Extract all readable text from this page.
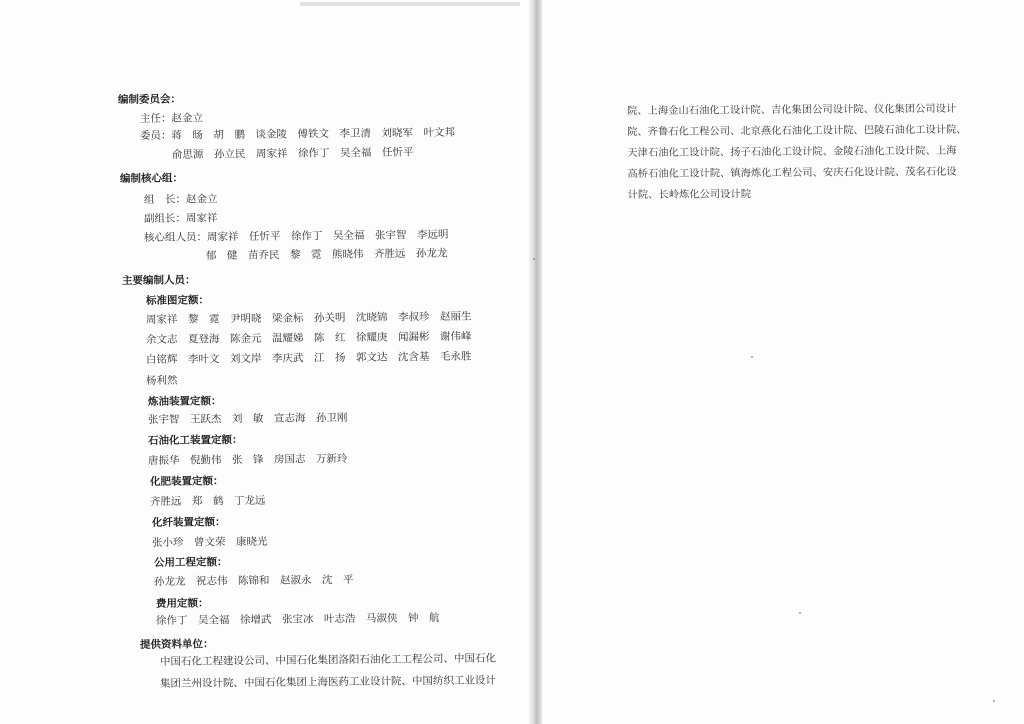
编制委员会：
主任：赵金立
委员：蒋　旸　胡　鹏　谈金陵　傅铁文　李卫清　刘晓军　叶文邦
俞思源　孙立民　周家祥　徐作丁　吴全福　任忻平
编制核心组：
组　长：赵金立
副组长：周家祥
核心组人员：周家祥　任忻平　徐作丁　吴全福　张宇智　李远明
郁　健　苗乔民　黎　霓　熊晓伟　齐胜远　孙龙龙
主要编制人员：
标准图定额：
周家祥　黎　霓　尹明晓　梁金标　孙关明　沈晓锦　李叔珍　赵丽生
余文志　夏登海　陈金元　温耀娣　陈　红　徐耀庚　闻漏彬　谢伟峰
白铭辉　李叶文　刘文岸　李庆武　江　扬　郭文达　沈含基　毛永胜
杨利然
炼油装置定额：
张宇智　王跃杰　刘　敏　宣志海　孙卫刚
石油化工装置定额：
唐振华　倪勤伟　张　锋　房国志　万新玲
化肥装置定额：
齐胜远　郑　鹤　丁龙远
化纤装置定额：
张小珍　曾文荣　康晓光
公用工程定额：
孙龙龙　祝志伟　陈锦和　赵淑永　沈　平
费用定额：
徐作丁　吴全福　徐增武　张宝冰　叶志浩　马淑侠　钟　航
提供资料单位：
中国石化工程建设公司、中国石化集团洛阳石油化工工程公司、中国石化
集团兰州设计院、中国石化集团上海医药工业设计院、中国纺织工业设计
院、上海金山石油化工设计院、吉化集团公司设计院、仪化集团公司设计
院、齐鲁石化工程公司、北京燕化石油化工设计院、巴陵石油化工设计院、
天津石油化工设计院、扬子石油化工设计院、金陵石油化工设计院、上海
高桥石油化工设计院、镇海炼化工程公司、安庆石化设计院、茂名石化设
计院、长岭炼化公司设计院
